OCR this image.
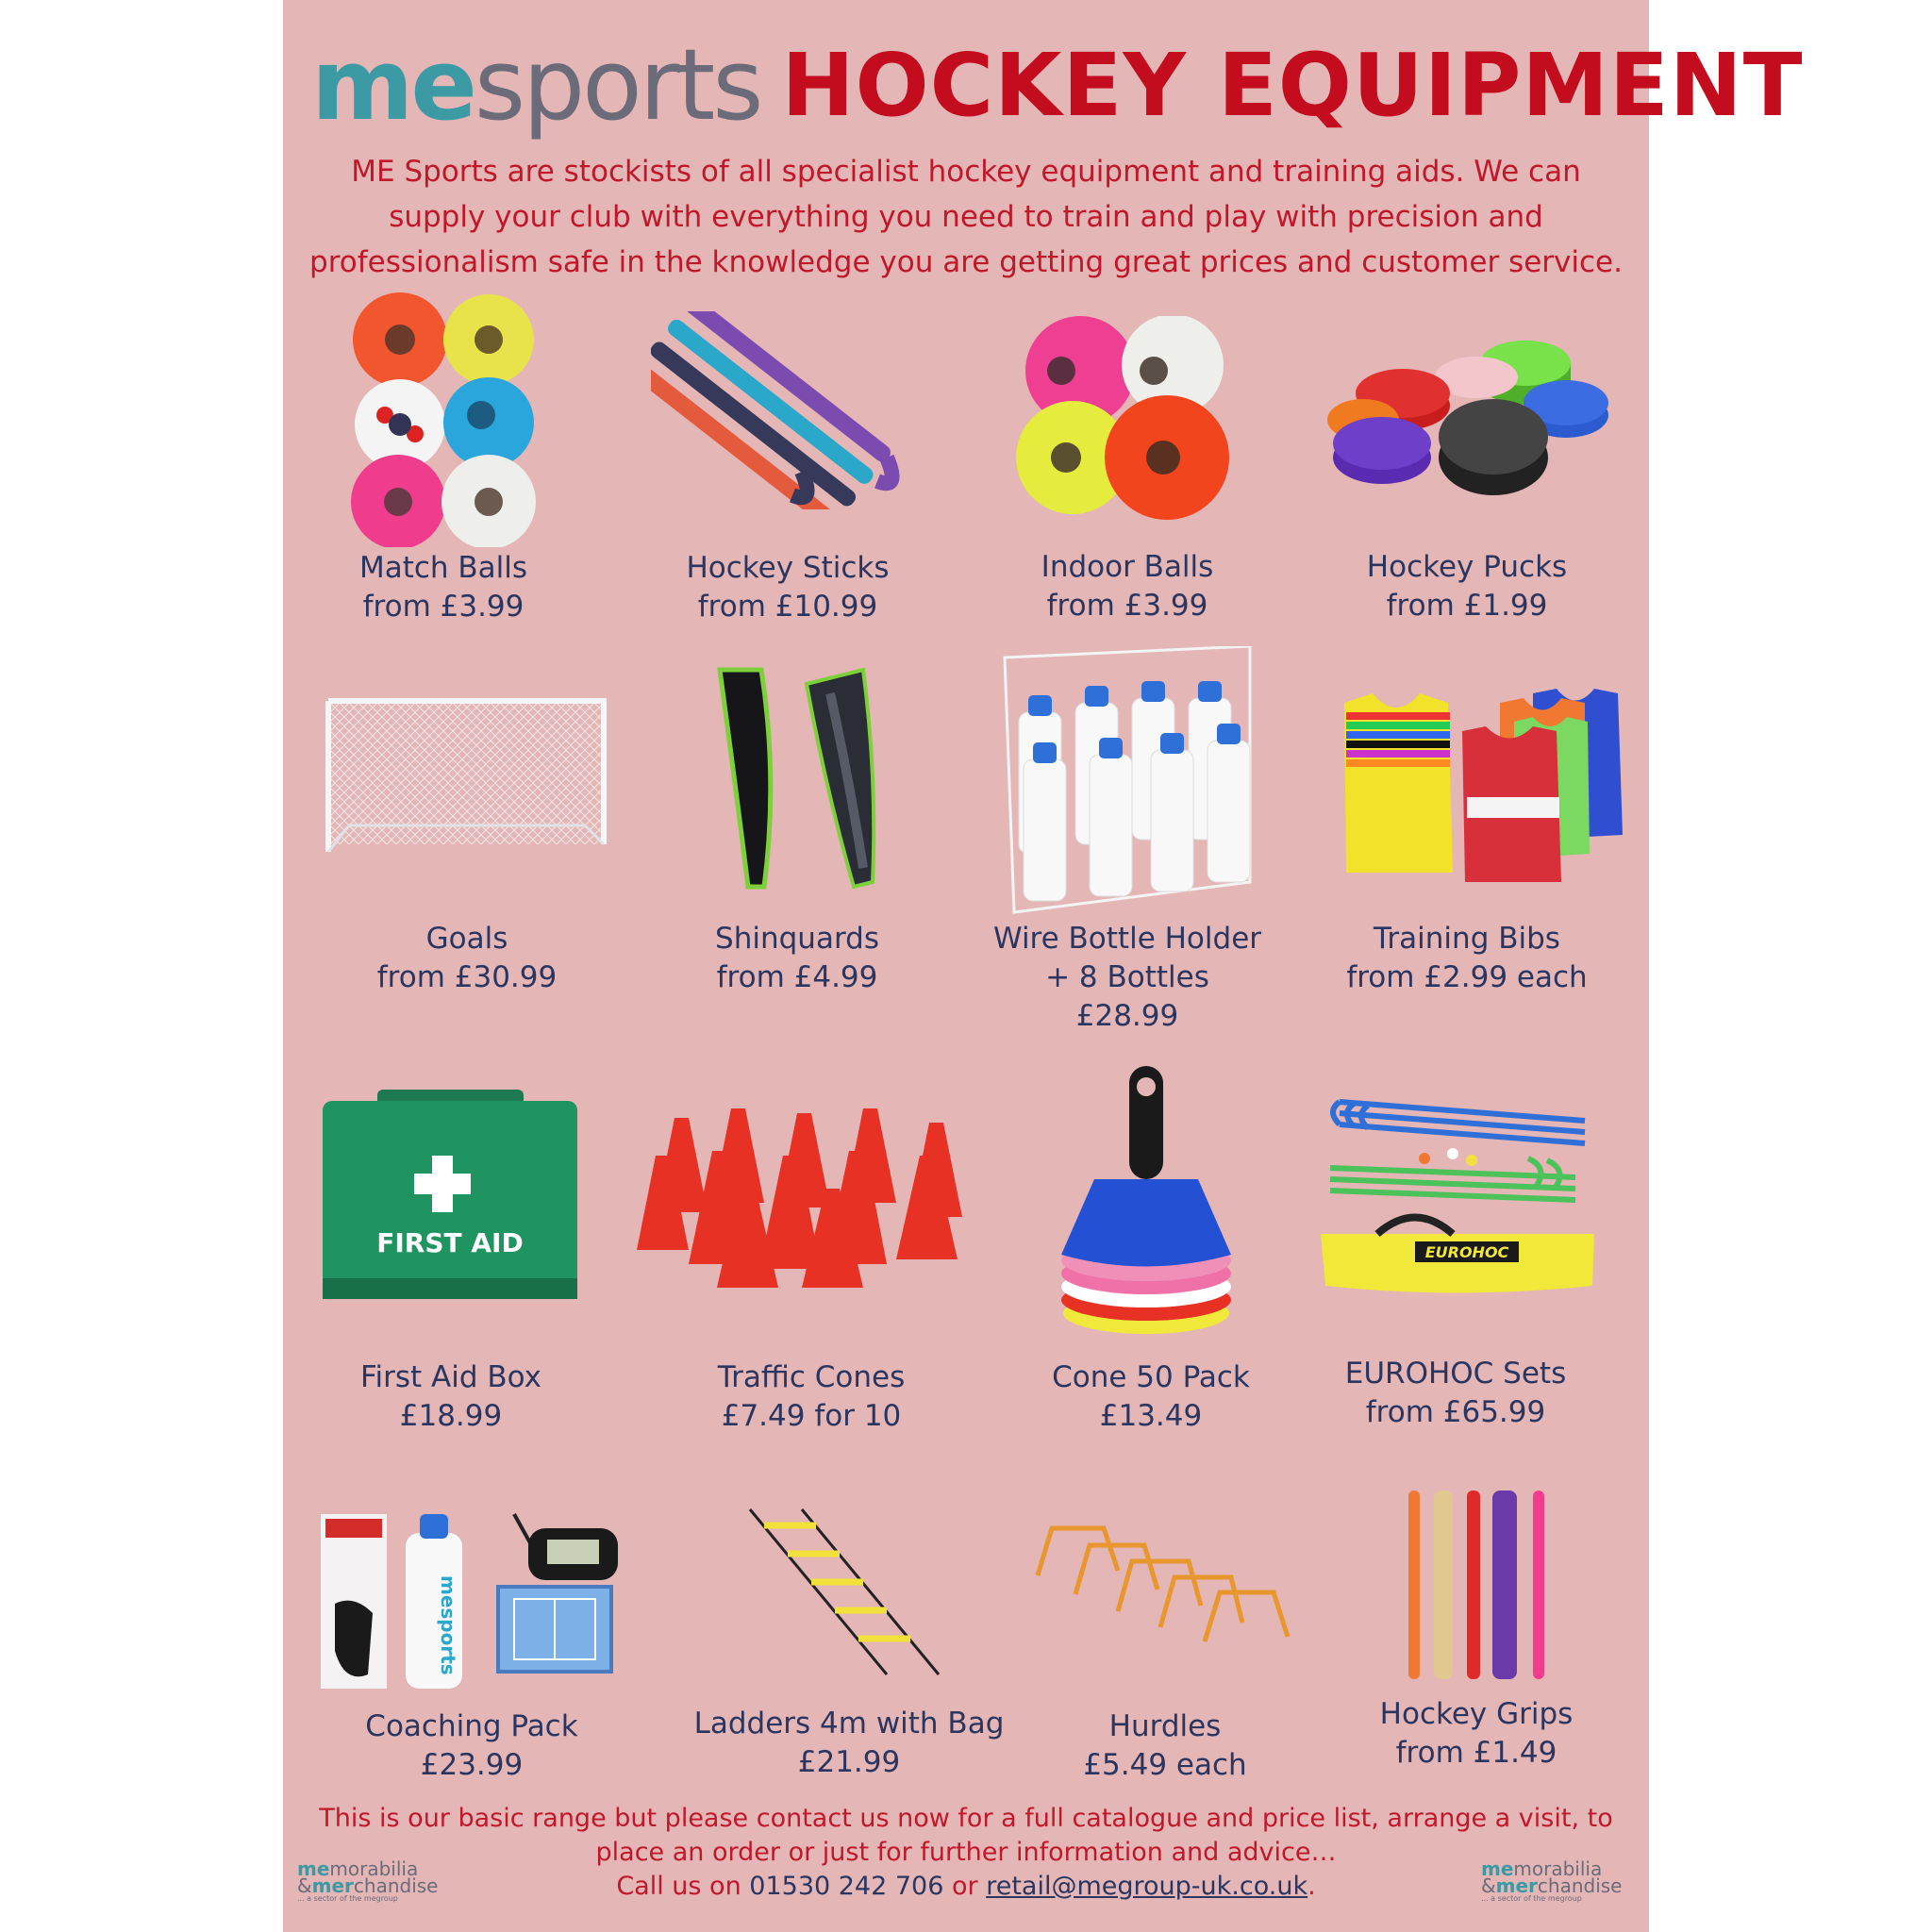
me sports HOCKEY EQUIPMENT
ME Sports are stockists of all specialist hockey equipment and training aids. We can
supply your club with everything you need to train and play with precision and
professionalism safe in the knowledge you are getting great prices and customer service.
Match Balls
from £3.99
Hockey Sticks
from £10.99
Indoor Balls
from £3.99
Hockey Pucks
from £1.99
Goals
from £30.99
Shinquards
from £4.99
Wire Bottle Holder
+ 8 Bottles
£28.99
Training Bibs
from £2.99 each
FIRST AID
First Aid Box
£18.99
Traffic Cones
£7.49 for 10
Cone 50 Pack
£13.49
EUROHOC
EUROHOC Sets
from £65.99
mesports
Coaching Pack
£23.99
Ladders 4m with Bag
£21.99
Hurdles
£5.49 each
Hockey Grips
from £1.49
This is our basic range but please contact us now for a full catalogue and price list, arrange a visit, to
place an order or just for further information and advice…
Call us on 01530 242 706 or retail@megroup-uk.co.uk.
memorabilia
&merchandise
... a sector of the megroup
memorabilia
&merchandise
... a sector of the megroup
